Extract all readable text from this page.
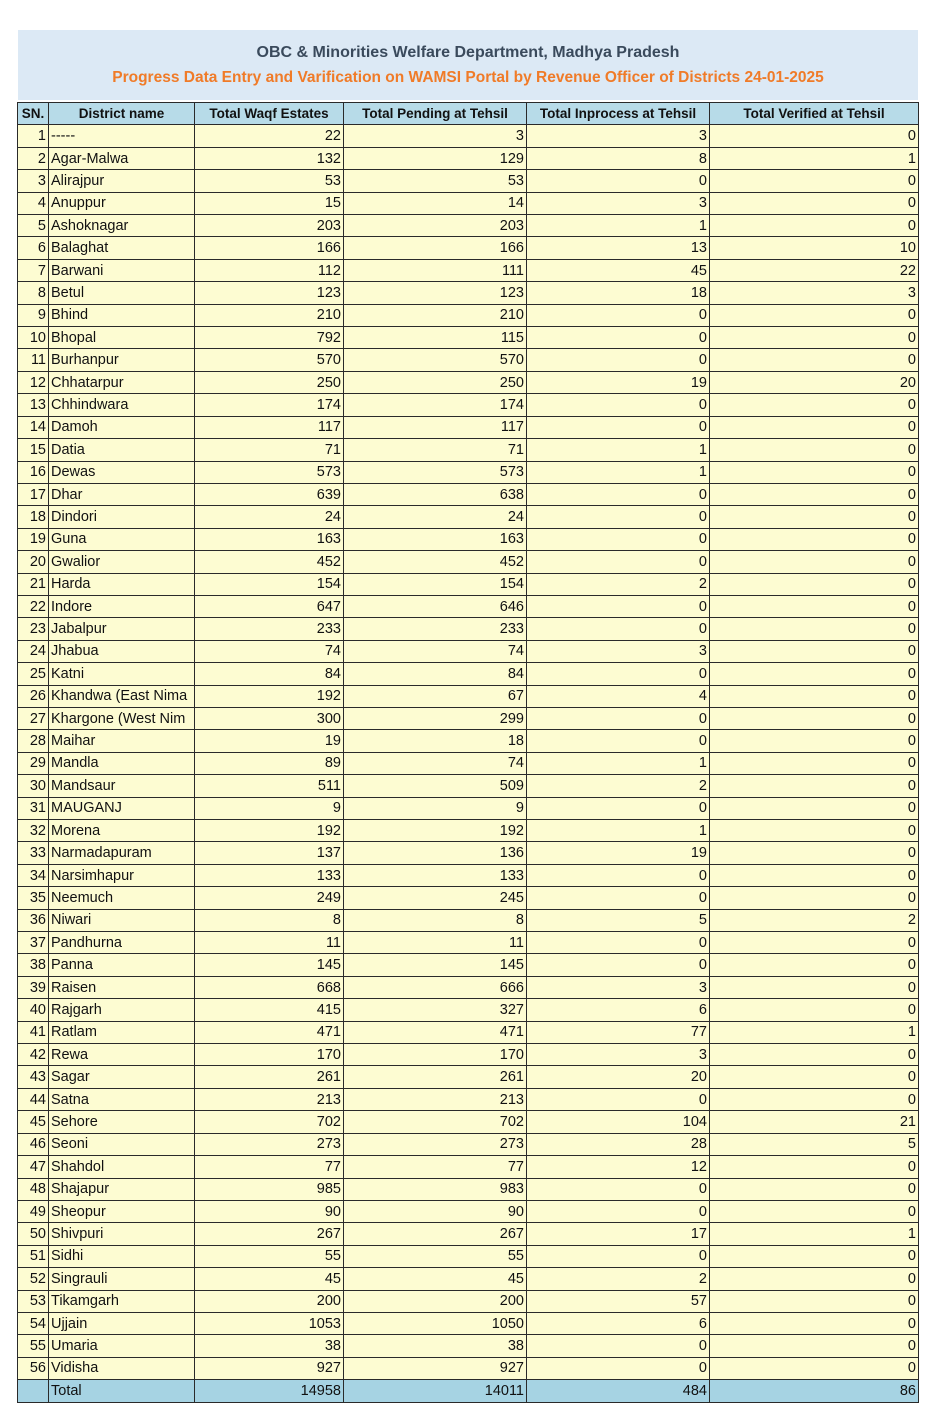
OBC & Minorities Welfare Department, Madhya Pradesh
Progress Data Entry and Varification on WAMSI Portal by Revenue Officer of Districts 24-01-2025
SN.	District name	Total Waqf Estates	Total Pending at Tehsil	Total Inprocess at Tehsil	Total Verified at Tehsil
1	-----	22	3	3	0
2	Agar-Malwa	132	129	8	1
3	Alirajpur	53	53	0	0
4	Anuppur	15	14	3	0
5	Ashoknagar	203	203	1	0
6	Balaghat	166	166	13	10
7	Barwani	112	111	45	22
8	Betul	123	123	18	3
9	Bhind	210	210	0	0
10	Bhopal	792	115	0	0
11	Burhanpur	570	570	0	0
12	Chhatarpur	250	250	19	20
13	Chhindwara	174	174	0	0
14	Damoh	117	117	0	0
15	Datia	71	71	1	0
16	Dewas	573	573	1	0
17	Dhar	639	638	0	0
18	Dindori	24	24	0	0
19	Guna	163	163	0	0
20	Gwalior	452	452	0	0
21	Harda	154	154	2	0
22	Indore	647	646	0	0
23	Jabalpur	233	233	0	0
24	Jhabua	74	74	3	0
25	Katni	84	84	0	0
26	Khandwa (East Nima	192	67	4	0
27	Khargone (West Nim	300	299	0	0
28	Maihar	19	18	0	0
29	Mandla	89	74	1	0
30	Mandsaur	511	509	2	0
31	MAUGANJ	9	9	0	0
32	Morena	192	192	1	0
33	Narmadapuram	137	136	19	0
34	Narsimhapur	133	133	0	0
35	Neemuch	249	245	0	0
36	Niwari	8	8	5	2
37	Pandhurna	11	11	0	0
38	Panna	145	145	0	0
39	Raisen	668	666	3	0
40	Rajgarh	415	327	6	0
41	Ratlam	471	471	77	1
42	Rewa	170	170	3	0
43	Sagar	261	261	20	0
44	Satna	213	213	0	0
45	Sehore	702	702	104	21
46	Seoni	273	273	28	5
47	Shahdol	77	77	12	0
48	Shajapur	985	983	0	0
49	Sheopur	90	90	0	0
50	Shivpuri	267	267	17	1
51	Sidhi	55	55	0	0
52	Singrauli	45	45	2	0
53	Tikamgarh	200	200	57	0
54	Ujjain	1053	1050	6	0
55	Umaria	38	38	0	0
56	Vidisha	927	927	0	0
	Total	14958	14011	484	86
